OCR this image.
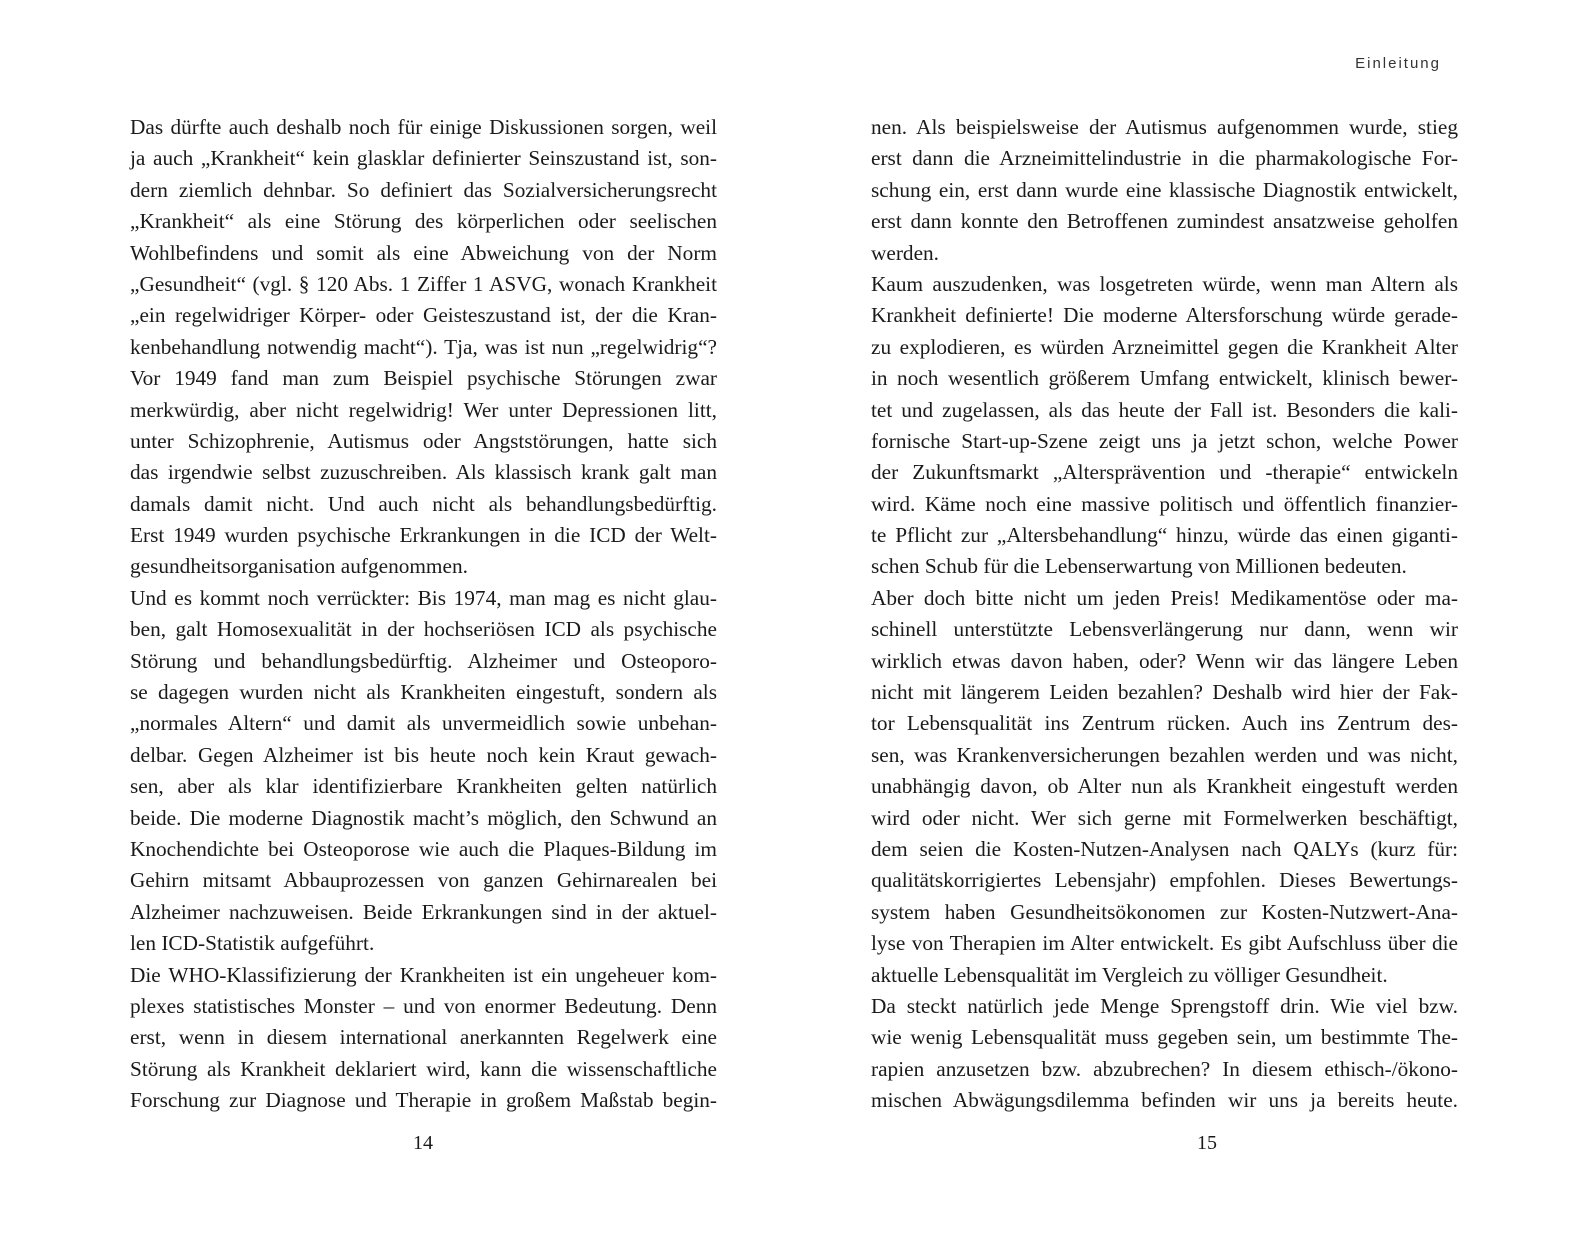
Das dürfte auch deshalb noch für einige Diskussionen sorgen, weil
ja auch „Krankheit“ kein glasklar definierter Seinszustand ist, son-
dern ziemlich dehnbar. So definiert das Sozialversicherungsrecht
„Krankheit“ als eine Störung des körperlichen oder seelischen
Wohlbefindens und somit als eine Abweichung von der Norm
„Gesundheit“ (vgl. § 120 Abs. 1 Ziffer 1 ASVG, wonach Krankheit
„ein regelwidriger Körper- oder Geisteszustand ist, der die Kran-
kenbehandlung notwendig macht“). Tja, was ist nun „regelwidrig“?
Vor 1949 fand man zum Beispiel psychische Störungen zwar
merkwürdig, aber nicht regelwidrig! Wer unter Depressionen litt,
unter Schizophrenie, Autismus oder Angststörungen, hatte sich
das irgendwie selbst zuzuschreiben. Als klassisch krank galt man
damals damit nicht. Und auch nicht als behandlungsbedürftig.
Erst 1949 wurden psychische Erkrankungen in die ICD der Welt-
gesundheitsorganisation aufgenommen.
Und es kommt noch verrückter: Bis 1974, man mag es nicht glau-
ben, galt Homosexualität in der hochseriösen ICD als psychische
Störung und behandlungsbedürftig. Alzheimer und Osteoporo-
se dagegen wurden nicht als Krankheiten eingestuft, sondern als
„normales Altern“ und damit als unvermeidlich sowie unbehan-
delbar. Gegen Alzheimer ist bis heute noch kein Kraut gewach-
sen, aber als klar identifizierbare Krankheiten gelten natürlich
beide. Die moderne Diagnostik macht’s möglich, den Schwund an
Knochendichte bei Osteoporose wie auch die Plaques-Bildung im
Gehirn mitsamt Abbauprozessen von ganzen Gehirnarealen bei
Alzheimer nachzuweisen. Beide Erkrankungen sind in der aktuel-
len ICD-Statistik aufgeführt.
Die WHO-Klassifizierung der Krankheiten ist ein ungeheuer kom-
plexes statistisches Monster – und von enormer Bedeutung. Denn
erst, wenn in diesem international anerkannten Regelwerk eine
Störung als Krankheit deklariert wird, kann die wissenschaftliche
Forschung zur Diagnose und Therapie in großem Maßstab begin-
14
Einleitung
nen. Als beispielsweise der Autismus aufgenommen wurde, stieg
erst dann die Arzneimittelindustrie in die pharmakologische For-
schung ein, erst dann wurde eine klassische Diagnostik entwickelt,
erst dann konnte den Betroffenen zumindest ansatzweise geholfen
werden.
Kaum auszudenken, was losgetreten würde, wenn man Altern als
Krankheit definierte! Die moderne Altersforschung würde gerade-
zu explodieren, es würden Arzneimittel gegen die Krankheit Alter
in noch wesentlich größerem Umfang entwickelt, klinisch bewer-
tet und zugelassen, als das heute der Fall ist. Besonders die kali-
fornische Start-up-Szene zeigt uns ja jetzt schon, welche Power
der Zukunftsmarkt „Altersprävention und -therapie“ entwickeln
wird. Käme noch eine massive politisch und öffentlich finanzier-
te Pflicht zur „Altersbehandlung“ hinzu, würde das einen giganti-
schen Schub für die Lebenserwartung von Millionen bedeuten.
Aber doch bitte nicht um jeden Preis! Medikamentöse oder ma-
schinell unterstützte Lebensverlängerung nur dann, wenn wir
wirklich etwas davon haben, oder? Wenn wir das längere Leben
nicht mit längerem Leiden bezahlen? Deshalb wird hier der Fak-
tor Lebensqualität ins Zentrum rücken. Auch ins Zentrum des-
sen, was Krankenversicherungen bezahlen werden und was nicht,
unabhängig davon, ob Alter nun als Krankheit eingestuft werden
wird oder nicht. Wer sich gerne mit Formelwerken beschäftigt,
dem seien die Kosten-Nutzen-Analysen nach QALYs (kurz für:
qualitätskorrigiertes Lebensjahr) empfohlen. Dieses Bewertungs-
system haben Gesundheitsökonomen zur Kosten-Nutzwert-Ana-
lyse von Therapien im Alter entwickelt. Es gibt Aufschluss über die
aktuelle Lebensqualität im Vergleich zu völliger Gesundheit.
Da steckt natürlich jede Menge Sprengstoff drin. Wie viel bzw.
wie wenig Lebensqualität muss gegeben sein, um bestimmte The-
rapien anzusetzen bzw. abzubrechen? In diesem ethisch-/ökono-
mischen Abwägungsdilemma befinden wir uns ja bereits heute.
15
